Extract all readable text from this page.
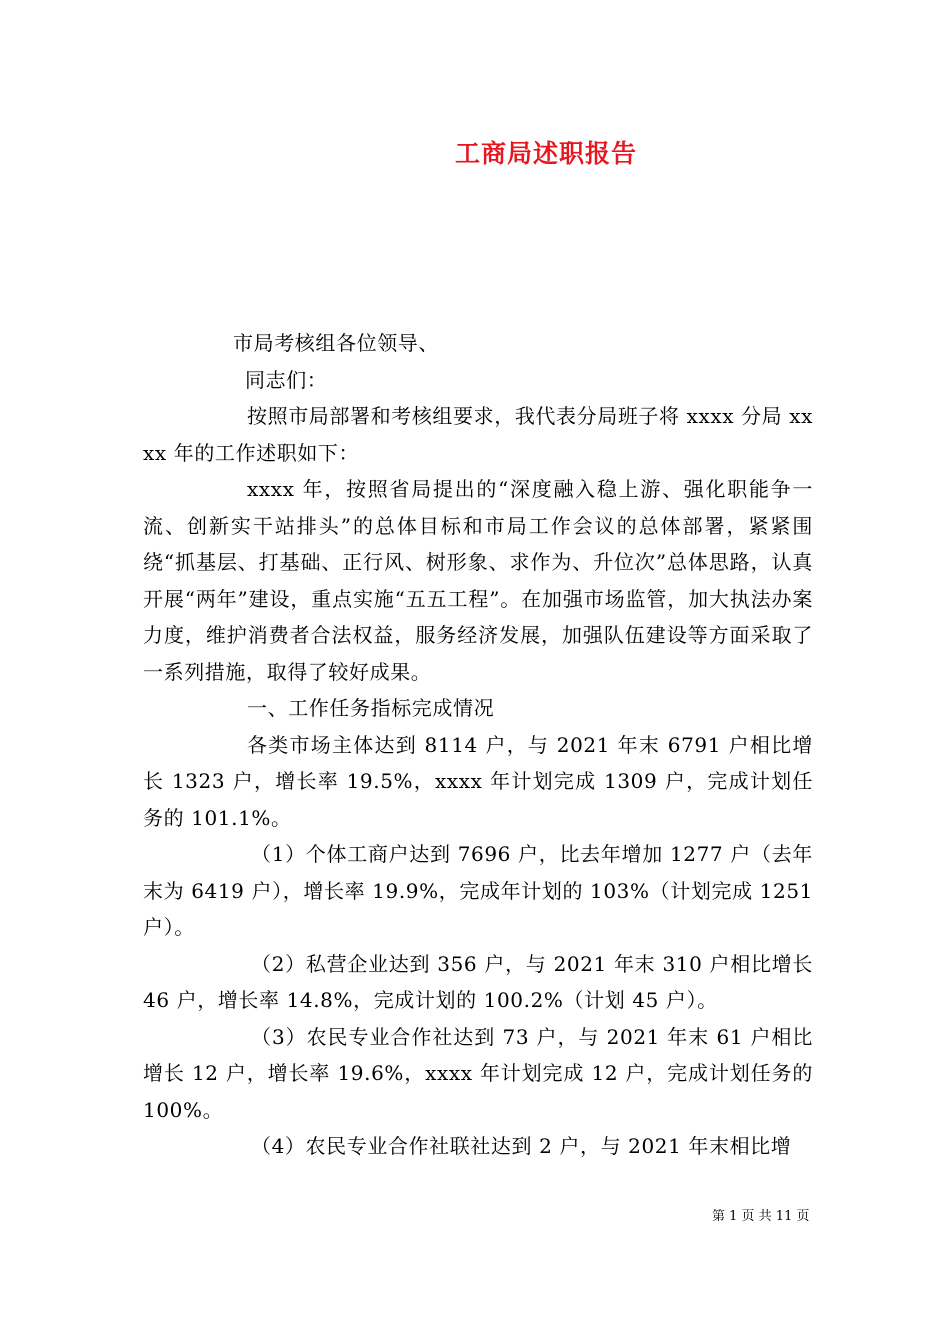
工商局述职报告

市局考核组各位领导、

同志们：

按照市局部署和考核组要求，我代表分局班子将 xxxx 分局 xxxx 年的工作述职如下：

xxxx 年，按照省局提出的“深度融入稳上游、强化职能争一流、创新实干站排头”的总体目标和市局工作会议的总体部署，紧紧围绕“抓基层、打基础、正行风、树形象、求作为、升位次”总体思路，认真开展“两年”建设，重点实施“五五工程”。在加强市场监管，加大执法办案力度，维护消费者合法权益，服务经济发展，加强队伍建设等方面采取了一系列措施，取得了较好成果。

一、工作任务指标完成情况

各类市场主体达到 8114 户，与 2021 年末 6791 户相比增长 1323 户，增长率 19.5%，xxxx 年计划完成 1309 户，完成计划任务的 101.1%。

（1）个体工商户达到 7696 户，比去年增加 1277 户（去年末为 6419 户），增长率 19.9%，完成年计划的 103%（计划完成 1251 户）。

（2）私营企业达到 356 户，与 2021 年末 310 户相比增长 46 户，增长率 14.8%，完成计划的 100.2%（计划 45 户）。

（3）农民专业合作社达到 73 户，与 2021 年末 61 户相比增长 12 户，增长率 19.6%，xxxx 年计划完成 12 户，完成计划任务的 100%。

（4）农民专业合作社联社达到 2 户，与 2021 年末相比增

第 1 页 共 11 页
